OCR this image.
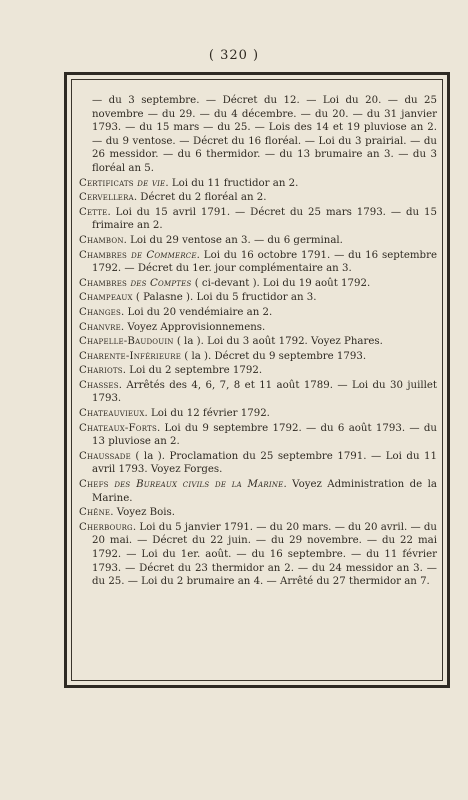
( 320 )

— du 3 septembre. — Décret du 12. — Loi du 20. — du 25 novembre — du 29. — du 4 décembre. — du 20. — du 31 janvier 1793. — du 15 mars — du 25. — Lois des 14 et 19 pluviose an 2. — du 9 ventose. — Décret du 16 floréal. — Loi du 3 prairial. — du 26 messidor. — du 6 thermidor. — du 13 brumaire an 3. — du 3 floréal an 5.

Certificats de vie. Loi du 11 fructidor an 2.

Cervellera. Décret du 2 floréal an 2.

Cette. Loi du 15 avril 1791. — Décret du 25 mars 1793. — du 15 frimaire an 2.

Chambon. Loi du 29 ventose an 3. — du 6 germinal.

Chambres de Commerce. Loi du 16 octobre 1791. — du 16 septembre 1792. — Décret du 1er. jour complémentaire an 3.

Chambres des Comptes ( ci-devant ). Loi du 19 août 1792.

Champeaux ( Palasne ). Loi du 5 fructidor an 3.

Changes. Loi du 20 vendémiaire an 2.

Chanvre. Voyez Approvisionnemens.

Chapelle-Baudouin ( la ). Loi du 3 août 1792. Voyez Phares.

Charente-Inférieure ( la ). Décret du 9 septembre 1793.

Chariots. Loi du 2 septembre 1792.

Chasses. Arrêtés des 4, 6, 7, 8 et 11 août 1789. — Loi du 30 juillet 1793.

Chateauvieux. Loi du 12 février 1792.

Chateaux-Forts. Loi du 9 septembre 1792. — du 6 août 1793. — du 13 pluviose an 2.

Chaussade ( la ). Proclamation du 25 septembre 1791. — Loi du 11 avril 1793. Voyez Forges.

Chefs des Bureaux civils de la Marine. Voyez Administration de la Marine.

Chêne. Voyez Bois.

Cherbourg. Loi du 5 janvier 1791. — du 20 mars. — du 20 avril. — du 20 mai. — Décret du 22 juin. — du 29 novembre. — du 22 mai 1792. — Loi du 1er. août. — du 16 septembre. — du 11 février 1793. — Décret du 23 thermidor an 2. — du 24 messidor an 3. — du 25. — Loi du 2 brumaire an 4. — Arrêté du 27 thermidor an 7.
